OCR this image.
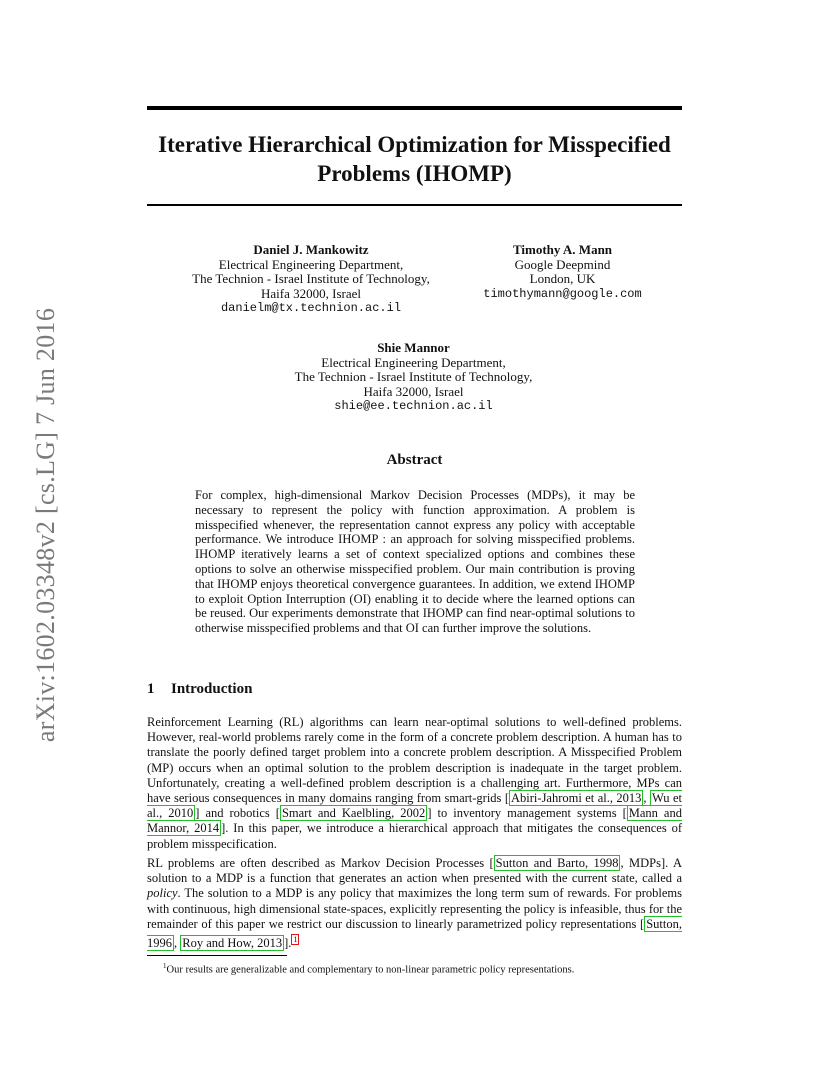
Iterative Hierarchical Optimization for Misspecified Problems (IHOMP)
arXiv:1602.03348v2 [cs.LG] 7 Jun 2016
Daniel J. Mankowitz
Electrical Engineering Department,
The Technion - Israel Institute of Technology,
Haifa 32000, Israel
danielm@tx.technion.ac.il
Timothy A. Mann
Google Deepmind
London, UK
timothymann@google.com
Shie Mannor
Electrical Engineering Department,
The Technion - Israel Institute of Technology,
Haifa 32000, Israel
shie@ee.technion.ac.il
Abstract
For complex, high-dimensional Markov Decision Processes (MDPs), it may be necessary to represent the policy with function approximation. A problem is misspecified whenever, the representation cannot express any policy with acceptable performance. We introduce IHOMP : an approach for solving misspecified problems. IHOMP iteratively learns a set of context specialized options and combines these options to solve an otherwise misspecified problem. Our main contribution is proving that IHOMP enjoys theoretical convergence guarantees. In addition, we extend IHOMP to exploit Option Interruption (OI) enabling it to decide where the learned options can be reused. Our experiments demonstrate that IHOMP can find near-optimal solutions to otherwise misspecified problems and that OI can further improve the solutions.
1 Introduction
Reinforcement Learning (RL) algorithms can learn near-optimal solutions to well-defined problems. However, real-world problems rarely come in the form of a concrete problem description. A human has to translate the poorly defined target problem into a concrete problem description. A Misspecified Problem (MP) occurs when an optimal solution to the problem description is inadequate in the target problem. Unfortunately, creating a well-defined problem description is a challenging art. Furthermore, MPs can have serious consequences in many domains ranging from smart-grids [ Abiri-Jahromi et al., 2013 , Wu et al., 2010 ] and robotics [ Smart and Kaelbling, 2002 ] to inventory management systems [ Mann and Mannor, 2014 ]. In this paper, we introduce a hierarchical approach that mitigates the consequences of problem misspecification.
RL problems are often described as Markov Decision Processes [ Sutton and Barto, 1998 , MDPs]. A solution to a MDP is a function that generates an action when presented with the current state, called a policy. The solution to a MDP is any policy that maximizes the long term sum of rewards. For problems with continuous, high dimensional state-spaces, explicitly representing the policy is infeasible, thus for the remainder of this paper we restrict our discussion to linearly parametrized policy representations [ Sutton, 1996 , Roy and How, 2013 ]. $^1$
$^1$Our results are generalizable and complementary to non-linear parametric policy representations.
